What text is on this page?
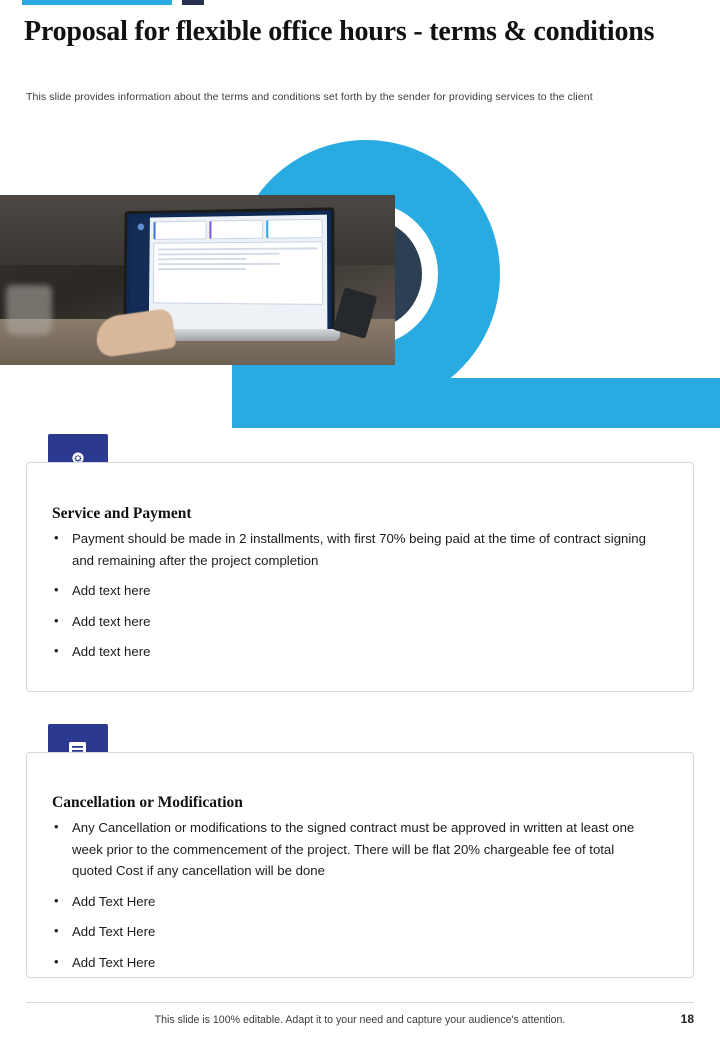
Proposal for flexible office hours - terms & conditions
This slide provides information about the terms and conditions set forth by the sender for providing services to the client
Service and Payment
• Payment should be made in 2 installments, with first 70% being paid at the time of contract signing and remaining after the project completion
• Add text here
• Add text here
• Add text here
Cancellation or Modification
• Any Cancellation or modifications to the signed contract must be approved in written at least one week prior to the commencement of the project. There will be flat 20% chargeable fee of total quoted Cost if any cancellation will be done
• Add Text Here
• Add Text Here
• Add Text Here
This slide is 100% editable. Adapt it to your need and capture your audience's attention.	18
